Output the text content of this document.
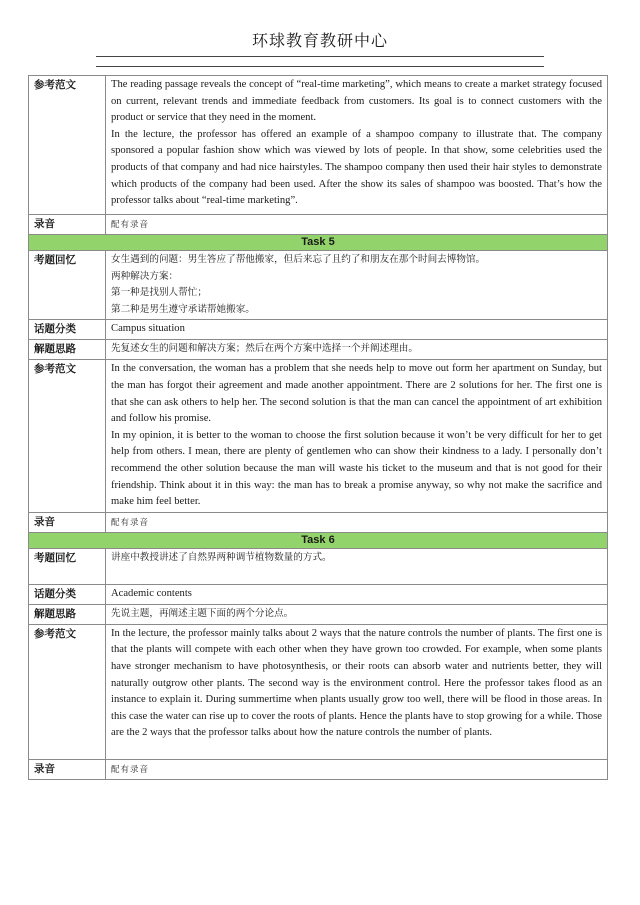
环球教育教研中心
参考范文	The reading passage reveals the concept of “real-time marketing”, which means to create a market strategy focused on current, relevant trends and immediate feedback from customers. Its goal is to connect customers with the product or service that they need in the moment.

In the lecture, the professor has offered an example of a shampoo company to illustrate that. The company sponsored a popular fashion show which was viewed by lots of people. In that show, some celebrities used the products of that company and had nice hairstyles. The shampoo company then used their hair styles to demonstrate which products of the company had been used. After the show its sales of shampoo was boosted. That’s how the professor talks about “real-time marketing”.

录音	配有录音
Task 5	
考题回忆	女生遇到的问题：男生答应了帮他搬家，但后来忘了且约了和朋友在那个时间去博物馆。

两种解决方案：

第一种是找别人帮忙；

第二种是男生遵守承诺帮她搬家。

话题分类	Campus situation
解题思路	先复述女生的问题和解决方案；然后在两个方案中选择一个并阐述理由。
参考范文	In the conversation, the woman has a problem that she needs help to move out form her apartment on Sunday, but the man has forgot their agreement and made another appointment. There are 2 solutions for her. The first one is that she can ask others to help her. The second solution is that the man can cancel the appointment of art exhibition and follow his promise.

In my opinion, it is better to the woman to choose the first solution because it won’t be very difficult for her to get help from others. I mean, there are plenty of gentlemen who can show their kindness to a lady. I personally don’t recommend the other solution because the man will waste his ticket to the museum and that is not good for their friendship. Think about it in this way: the man has to break a promise anyway, so why not make the sacrifice and make him feel better.

录音	配有录音
Task 6	
考题回忆	讲座中教授讲述了自然界两种调节植物数量的方式。
话题分类	Academic contents
解题思路	先说主题，再阐述主题下面的两个分论点。
参考范文	In the lecture, the professor mainly talks about 2 ways that the nature controls the number of plants. The first one is that the plants will compete with each other when they have grown too crowded. For example, when some plants have stronger mechanism to have photosynthesis, or their roots can absorb water and nutrients better, they will naturally outgrow other plants. The second way is the environment control. Here the professor takes flood as an instance to explain it. During summertime when plants usually grow too well, there will be flood in those areas. In this case the water can rise up to cover the roots of plants. Hence the plants have to stop growing for a while. Those are the 2 ways that the professor talks about how the nature controls the number of plants.

录音	配有录音
